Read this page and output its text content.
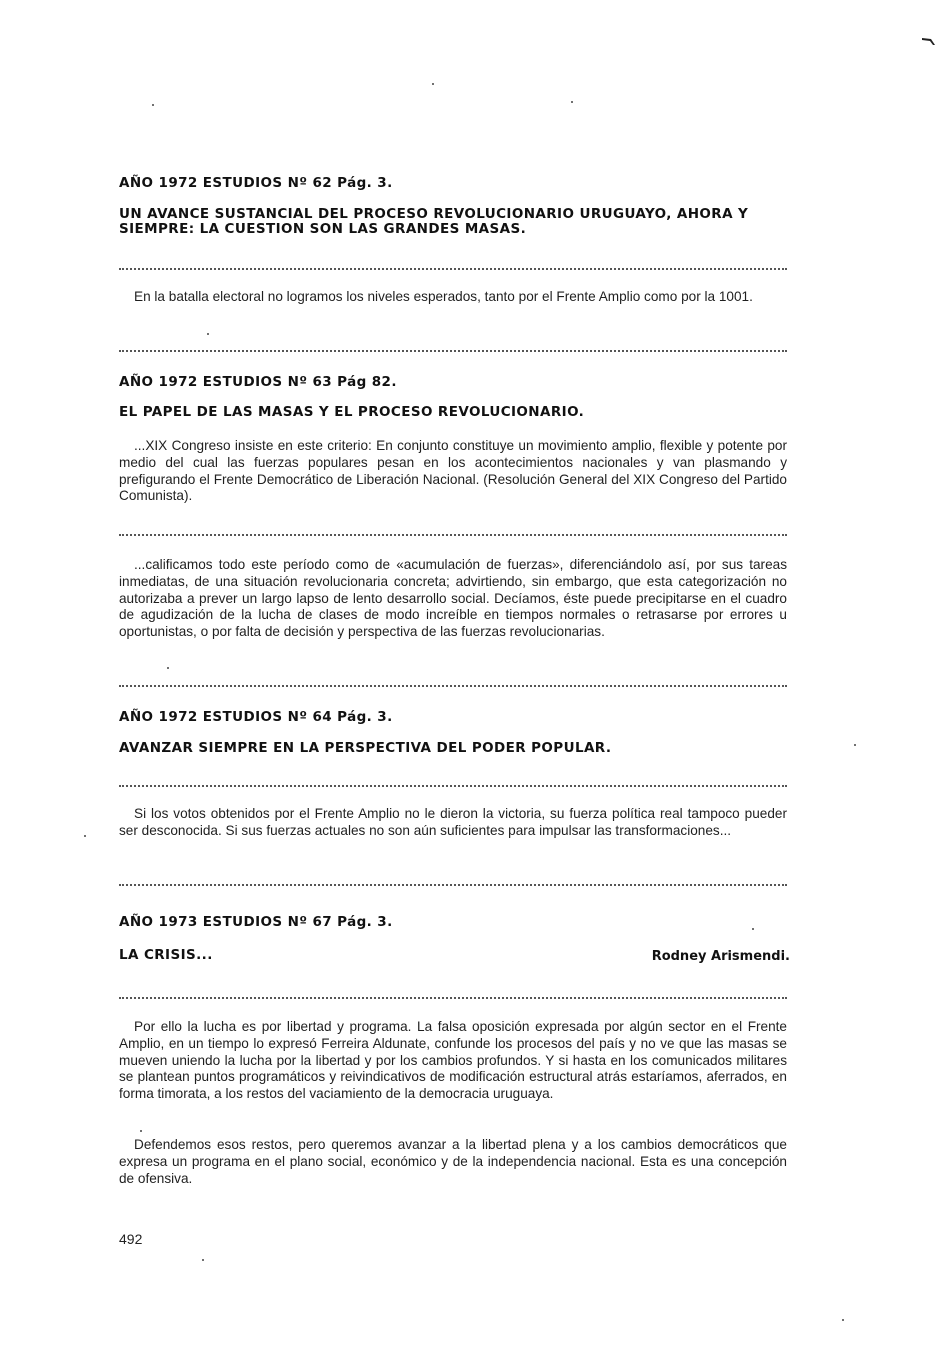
AÑO 1972 ESTUDIOS Nº 62 Pág. 3.
UN AVANCE SUSTANCIAL DEL PROCESO REVOLUCIONARIO URUGUAYO, AHORA Y SIEMPRE: LA CUESTION SON LAS GRANDES MASAS.

En la batalla electoral no logramos los niveles esperados, tanto por el Frente Amplio como por la 1001.

AÑO 1972 ESTUDIOS Nº 63 Pág 82.
EL PAPEL DE LAS MASAS Y EL PROCESO REVOLUCIONARIO.

...XIX Congreso insiste en este criterio: En conjunto constituye un movimiento amplio, flexible y potente por medio del cual las fuerzas populares pesan en los acontecimientos nacionales y van plasmando y prefigurando el Frente Democrático de Liberación Nacional. (Resolución General del XIX Congreso del Partido Comunista).

...calificamos todo este período como de «acumulación de fuerzas», diferenciándolo así, por sus tareas inmediatas, de una situación revolucionaria concreta; advirtiendo, sin embargo, que esta categorización no autorizaba a prever un largo lapso de lento desarrollo social. Decíamos, éste puede precipitarse en el cuadro de agudización de la lucha de clases de modo increíble en tiempos normales o retrasarse por errores u oportunistas, o por falta de decisión y perspectiva de las fuerzas revolucionarias.

AÑO 1972 ESTUDIOS Nº 64 Pág. 3.
AVANZAR SIEMPRE EN LA PERSPECTIVA DEL PODER POPULAR.

Si los votos obtenidos por el Frente Amplio no le dieron la victoria, su fuerza política real tampoco pueder ser desconocida. Si sus fuerzas actuales no son aún suficientes para impulsar las transformaciones...

AÑO 1973 ESTUDIOS Nº 67 Pág. 3.
LA CRISIS...	Rodney Arismendi.

Por ello la lucha es por libertad y programa. La falsa oposición expresada por algún sector en el Frente Amplio, en un tiempo lo expresó Ferreira Aldunate, confunde los procesos del país y no ve que las masas se mueven uniendo la lucha por la libertad y por los cambios profundos. Y si hasta en los comunicados militares se plantean puntos programáticos y reivindicativos de modificación estructural atrás estaríamos, aferrados, en forma timorata, a los restos del vaciamiento de la democracia uruguaya.

Defendemos esos restos, pero queremos avanzar a la libertad plena y a los cambios democráticos que expresa un programa en el plano social, económico y de la independencia nacional. Esta es una concepción de ofensiva.

492
